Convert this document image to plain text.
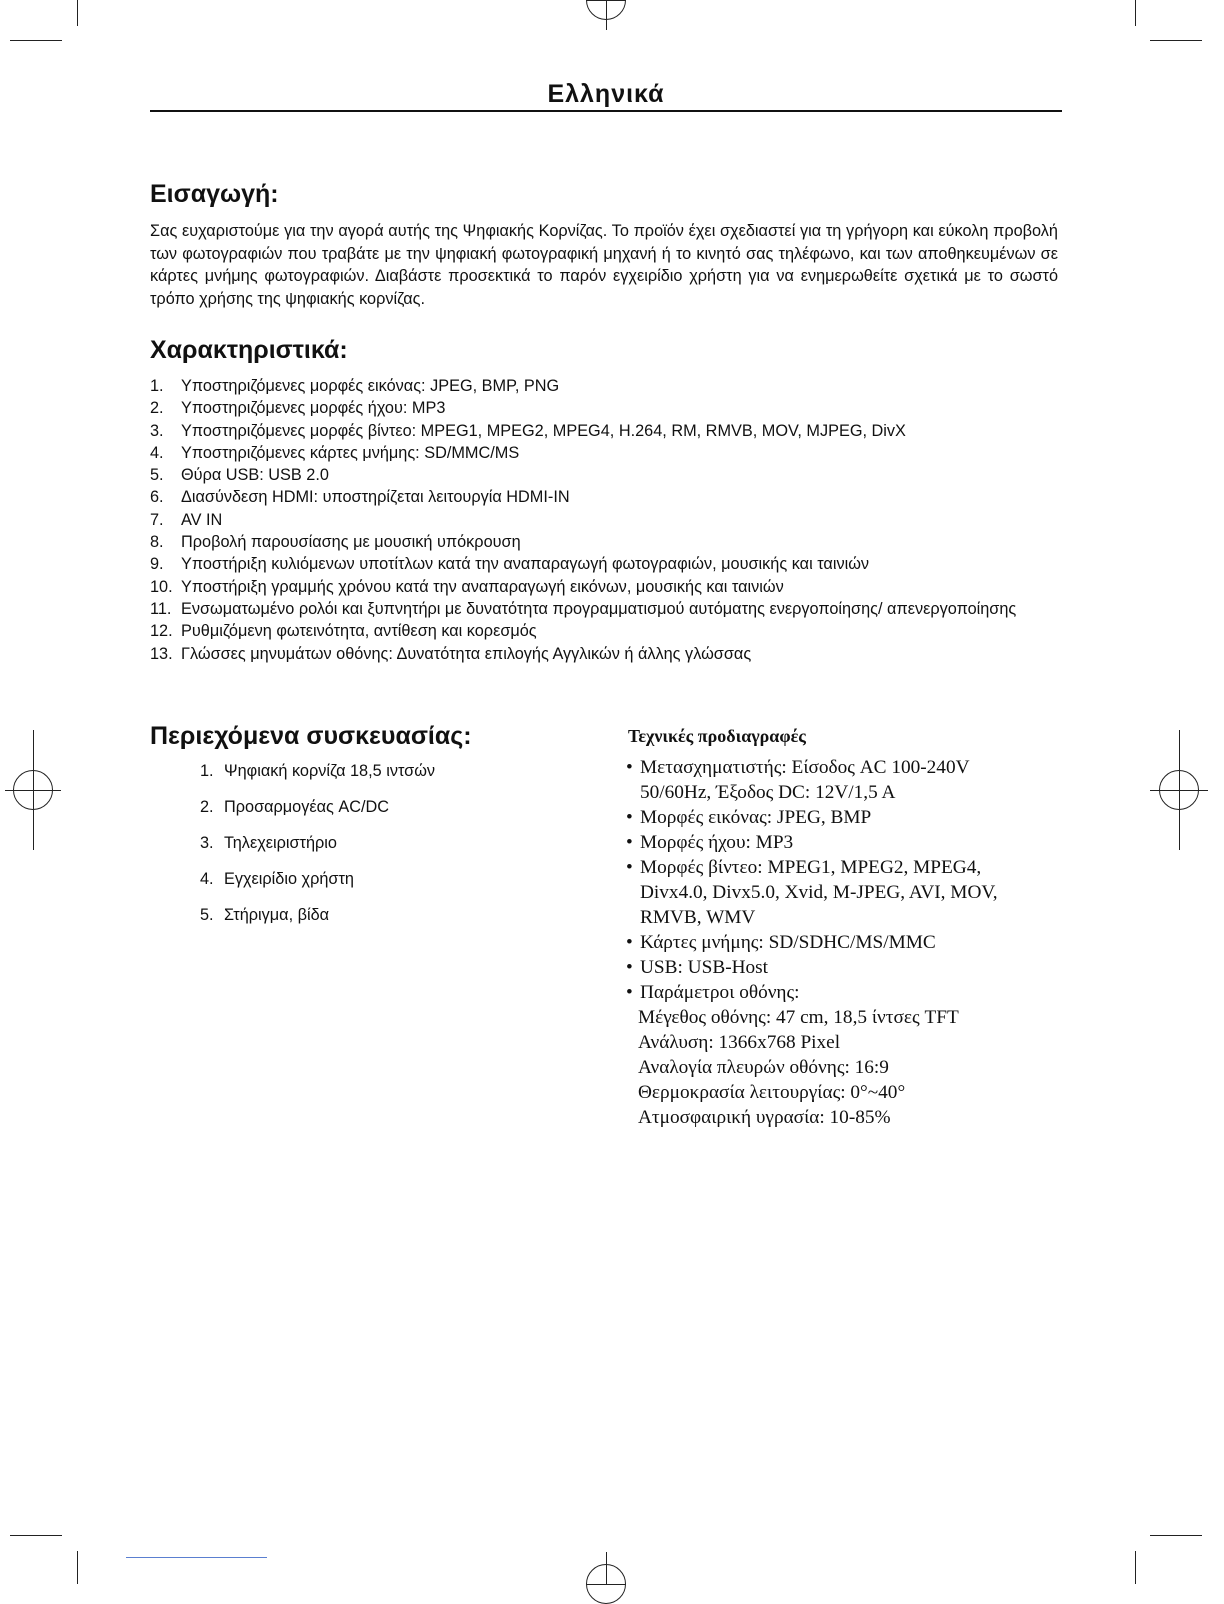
Ελληνικά
Εισαγωγή:
Σας ευχαριστούμε για την αγορά αυτής της Ψηφιακής Κορνίζας. Το προϊόν έχει σχεδιαστεί για τη γρήγορη και εύκολη προβολή των φωτογραφιών που τραβάτε με την ψηφιακή φωτογραφική μηχανή ή το κινητό σας τηλέφωνο, και των αποθηκευμένων σε κάρτες μνήμης φωτογραφιών. Διαβάστε προσεκτικά το παρόν εγχειρίδιο χρήστη για να ενημερωθείτε σχετικά με το σωστό τρόπο χρήσης της ψηφιακής κορνίζας.
Χαρακτηριστικά:
1.	Υποστηριζόμενες μορφές εικόνας: JPEG, BMP, PNG
2.	Υποστηριζόμενες μορφές ήχου: MP3
3.	Υποστηριζόμενες μορφές βίντεο: MPEG1, MPEG2, MPEG4, H.264, RM, RMVB, MOV, MJPEG, DivX
4.	Υποστηριζόμενες κάρτες μνήμης: SD/MMC/MS
5.	Θύρα USB: USB 2.0
6.	Διασύνδεση HDMI: υποστηρίζεται λειτουργία HDMI-IN
7.	AV IN
8.	Προβολή παρουσίασης με μουσική υπόκρουση
9.	Υποστήριξη κυλιόμενων υποτίτλων κατά την αναπαραγωγή φωτογραφιών, μουσικής και ταινιών
10. Υποστήριξη γραμμής χρόνου κατά την αναπαραγωγή εικόνων, μουσικής και ταινιών
11. Ενσωματωμένο ρολόι και ξυπνητήρι με δυνατότητα προγραμματισμού αυτόματης ενεργοποίησης/ απενεργοποίησης
12. Ρυθμιζόμενη φωτεινότητα, αντίθεση και κορεσμός
13. Γλώσσες μηνυμάτων οθόνης: Δυνατότητα επιλογής Αγγλικών ή άλλης γλώσσας
Περιεχόμενα συσκευασίας:
1. Ψηφιακή κορνίζα 18,5 ιντσών
2. Προσαρμογέας AC/DC
3. Τηλεχειριστήριο
4. Εγχειρίδιο χρήστη
5. Στήριγμα, βίδα
Τεχνικές προδιαγραφές
• Μετασχηματιστής: Είσοδος AC 100-240V
50/60Hz, Έξοδος DC: 12V/1,5 A
• Μορφές εικόνας: JPEG, BMP
• Μορφές ήχου: MP3
• Μορφές βίντεο: MPEG1, MPEG2, MPEG4,
Divx4.0, Divx5.0, Xvid, M-JPEG, AVI, MOV,
RMVB, WMV
• Κάρτες μνήμης: SD/SDHC/MS/MMC
• USB: USB-Host
• Παράμετροι οθόνης:
Μέγεθος οθόνης: 47 cm, 18,5 ίντσες TFT
Ανάλυση: 1366x768 Pixel
Αναλογία πλευρών οθόνης: 16:9
Θερμοκρασία λειτουργίας: 0°~40°
Ατμοσφαιρική υγρασία: 10-85%
